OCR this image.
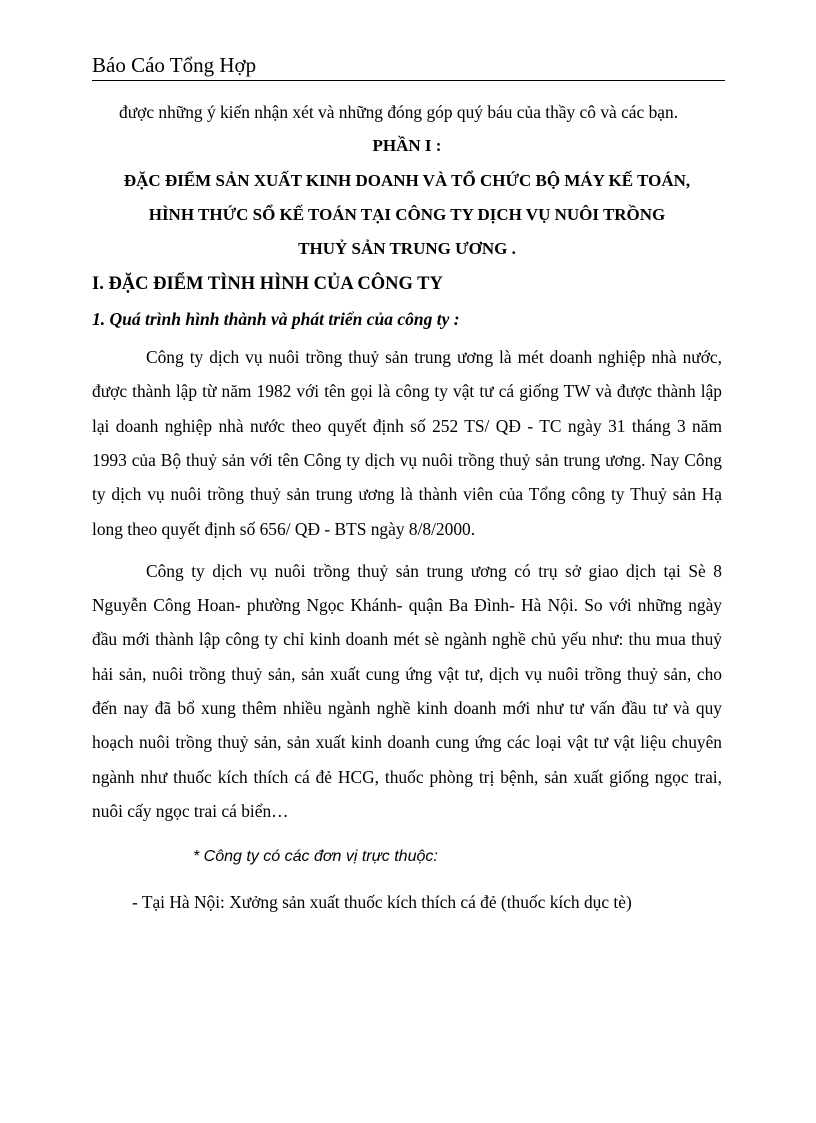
Báo Cáo Tổng Hợp

được những ý kiến nhận xét và những đóng góp quý báu của thầy cô và các bạn.

PHẦN I :

ĐẶC ĐIỂM SẢN XUẤT KINH DOANH VÀ TỔ CHỨC BỘ MÁY KẾ TOÁN,

HÌNH THỨC SỔ KẾ TOÁN TẠI CÔNG TY DỊCH VỤ NUÔI TRỒNG

THUỶ SẢN TRUNG ƯƠNG .

I. ĐẶC ĐIỂM TÌNH HÌNH CỦA CÔNG TY

1. Quá trình hình thành và phát triển của công ty :

Công ty dịch vụ nuôi trồng thuỷ sản trung ương là mét doanh nghiệp nhà nước, được thành lập từ năm 1982 với tên gọi là công ty vật tư cá giống TW và được thành lập lại doanh nghiệp nhà nước theo quyết định số 252 TS/ QĐ - TC ngày 31 tháng 3 năm 1993 của Bộ thuỷ sản với tên Công ty dịch vụ nuôi trồng thuỷ sản trung ương. Nay Công ty dịch vụ nuôi trồng thuỷ sản trung ương là thành viên của Tổng công ty Thuỷ sản Hạ long theo quyết định số 656/ QĐ - BTS ngày 8/8/2000.

Công ty dịch vụ nuôi trồng thuỷ sản trung ương có trụ sở giao dịch tại Sè 8 Nguyễn Công Hoan- phường Ngọc Khánh- quận Ba Đình- Hà Nội. So với những ngày đầu mới thành lập công ty chỉ kinh doanh mét sè ngành nghề chủ yếu như: thu mua thuỷ hải sản, nuôi trồng thuỷ sản, sản xuất cung ứng vật tư, dịch vụ nuôi trồng thuỷ sản, cho đến nay đã bổ xung thêm nhiều ngành nghề kinh doanh mới như tư vấn đầu tư và quy hoạch nuôi trồng thuỷ sản, sản xuất kinh doanh cung ứng các loại vật tư vật liệu chuyên ngành như thuốc kích thích cá đẻ HCG, thuốc phòng trị bệnh, sản xuất giống ngọc trai, nuôi cấy ngọc trai cá biển…

* Công ty có các đơn vị trực thuộc:

- Tại Hà Nội: Xưởng sản xuất thuốc kích thích cá đẻ (thuốc kích dục tè)
